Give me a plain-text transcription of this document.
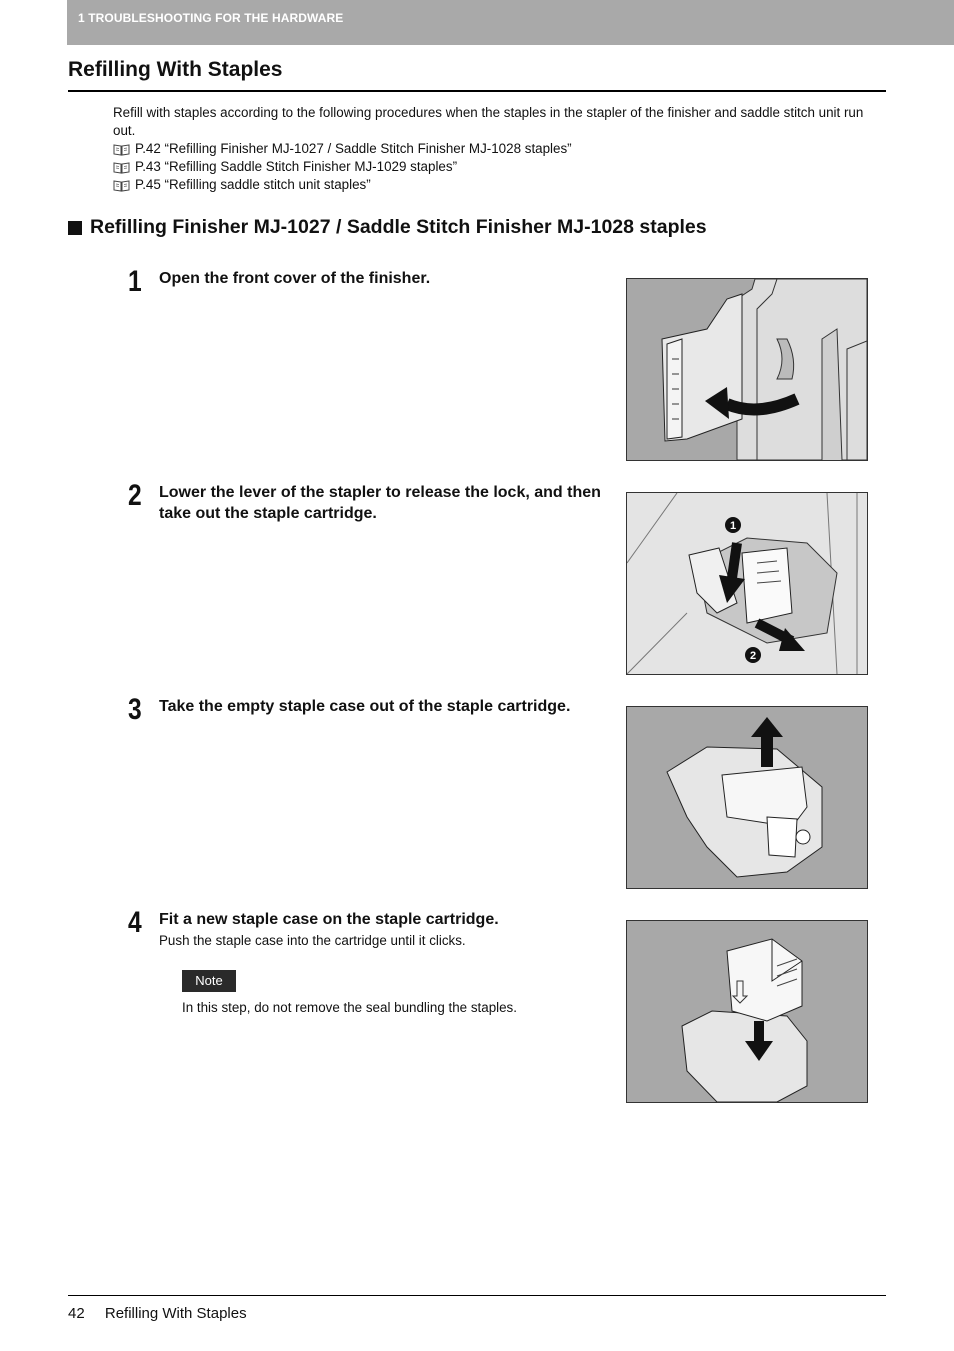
1 TROUBLESHOOTING FOR THE HARDWARE
Refilling With Staples

Refill with staples according to the following procedures when the staples in the stapler of the finisher and saddle stitch unit run out.

P.42 “Refilling Finisher MJ-1027 / Saddle Stitch Finisher MJ-1028 staples”

P.43 “Refilling Saddle Stitch Finisher MJ-1029 staples”

P.45 “Refilling saddle stitch unit staples”

Refilling Finisher MJ-1027 / Saddle Stitch Finisher MJ-1028 staples
1 Open the front cover of the finisher.
2 Lower the lever of the stapler to release the lock, and then take out the staple cartridge.
1
2
3 Take the empty staple case out of the staple cartridge.
4 Fit a new staple case on the staple cartridge.
Push the staple case into the cartridge until it clicks.
Note
In this step, do not remove the seal bundling the staples.
42 Refilling With Staples
